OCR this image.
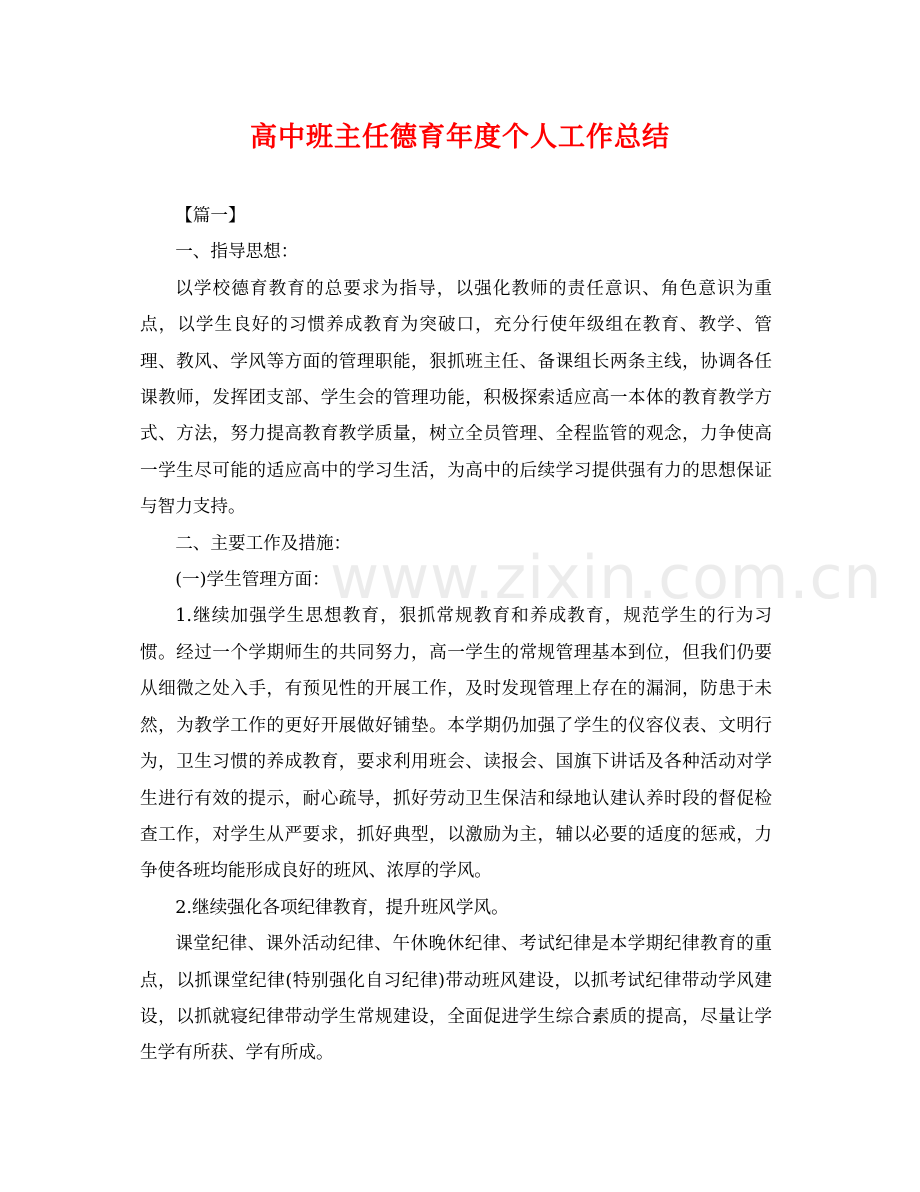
高中班主任德育年度个人工作总结

【篇一】

一、指导思想：

以学校德育教育的总要求为指导，以强化教师的责任意识、角色意识为重点，以学生良好的习惯养成教育为突破口，充分行使年级组在教育、教学、管理、教风、学风等方面的管理职能，狠抓班主任、备课组长两条主线，协调各任课教师，发挥团支部、学生会的管理功能，积极探索适应高一本体的教育教学方式、方法，努力提高教育教学质量，树立全员管理、全程监管的观念，力争使高一学生尽可能的适应高中的学习生活，为高中的后续学习提供强有力的思想保证与智力支持。

二、主要工作及措施：

(一)学生管理方面：

1.继续加强学生思想教育，狠抓常规教育和养成教育，规范学生的行为习惯。经过一个学期师生的共同努力，高一学生的常规管理基本到位，但我们仍要从细微之处入手，有预见性的开展工作，及时发现管理上存在的漏洞，防患于未然，为教学工作的更好开展做好铺垫。本学期仍加强了学生的仪容仪表、文明行为，卫生习惯的养成教育，要求利用班会、读报会、国旗下讲话及各种活动对学生进行有效的提示，耐心疏导，抓好劳动卫生保洁和绿地认建认养时段的督促检查工作，对学生从严要求，抓好典型，以激励为主，辅以必要的适度的惩戒，力争使各班均能形成良好的班风、浓厚的学风。

2.继续强化各项纪律教育，提升班风学风。

课堂纪律、课外活动纪律、午休晚休纪律、考试纪律是本学期纪律教育的重点，以抓课堂纪律(特别强化自习纪律)带动班风建设，以抓考试纪律带动学风建设，以抓就寝纪律带动学生常规建设，全面促进学生综合素质的提高，尽量让学生学有所获、学有所成。

www.zixin.com.cn
